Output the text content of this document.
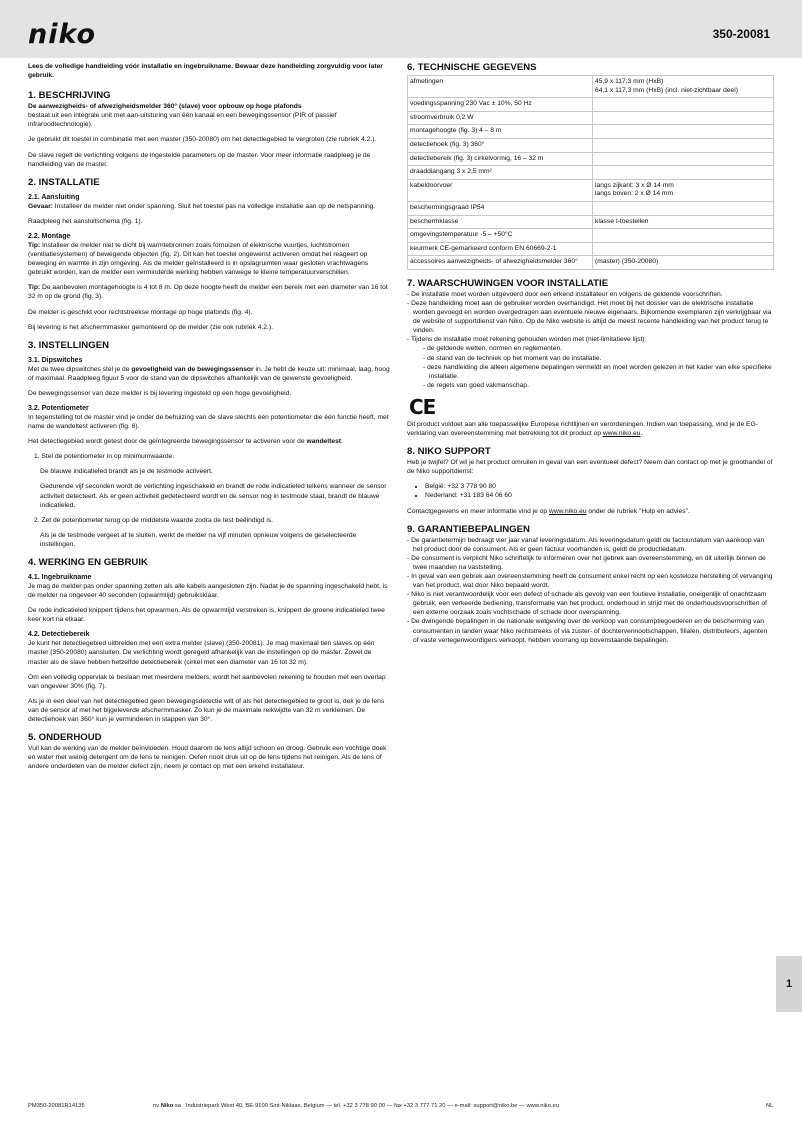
niko	350-20081

Lees de volledige handleiding vóór installatie en ingebruikname. Bewaar deze handleiding zorgvuldig voor later gebruik.

1. BESCHRIJVING

De aanwezigheids- of afwezigheidsmelder 360° (slave) voor opbouw op hoge plafonds
bestaat uit een integrale unit met aan-uitsturing van één kanaal en een bewegingssensor (PIR of passief infraroodtechnologie).

Je gebruikt dit toestel in combinatie met een master (350-20080) om het detectiegebied te vergroten (zie rubriek 4.2.).

De slave regelt de verlichting volgens de ingestelde parameters op de master. Voor meer informatie raadpleeg je de handleiding van de master.

2. INSTALLATIE
2.1. Aansluiting

Gevaar: Installeer de melder niet onder spanning. Sluit het toestel pas na volledige installatie aan op de netspanning.

Raadpleeg het aansluitschema (fig. 1).

2.2. Montage

Tip: Installeer de melder niet te dicht bij warmtebronnen zoals fornuizen of elektrische vuurtjes, luchtstromen (ventilatiesystemen) of bewegende objecten (fig. 2). Dit kan het toestel ongewenst activeren omdat het reageert op beweging en warmte in zijn omgeving. Als de melder geïnstalleerd is in opslagruimten waar gesloten vrachtwagens gebruikt worden, kan de melder een verminderde werking hebben vanwege te kleine temperatuurverschillen.

Tip: De aanbevolen montagehoogte is 4 tot 8 m. Op deze hoogte heeft de melder een bereik met een diameter van 16 tot 32 m op de grond (fig. 3).

De melder is geschikt voor rechtstreekse montage op hoge plafonds (fig. 4).

Bij levering is het afschermmasker gemonteerd op de melder (zie ook rubriek 4.2.).

3. INSTELLINGEN
3.1. Dipswitches

Met de twee dipswitches stel je de gevoeligheid van de bewegingssensor in. Je hebt de keuze uit: minimaal, laag, hoog of maximaal. Raadpleeg figuur 5 voor de stand van de dipswitches afhankelijk van de gewenste gevoeligheid.

De bewegingssensor van deze melder is bij levering ingesteld op een hoge gevoeligheid.

3.2. Potentiometer

In tegenstelling tot de master vind je onder de behuizing van de slave slechts één potentiometer die één functie heeft, met name de wandeltest activeren (fig. 6).

Het detectiegebied wordt getest door de geïntegreerde bewegingssensor te activeren voor de wandeltest:

1. Stel de potentiometer in op minimumwaarde.

De blauwe indicatieled brandt als je de testmode activeert.

Gedurende vijf seconden wordt de verlichting ingeschakeld en brandt de rode indicatieled telkens wanneer de sensor activiteit detecteert. Als er geen activiteit gedetecteerd wordt en de sensor nog in testmode staat, brandt de blauwe indicatieled.

2. Zet de potentiometer terug op de middelste waarde zodra de test beëindigd is.

Als je de testmode vergeet af te sluiten, werkt de melder na vijf minuten opnieuw volgens de geselecteerde instellingen.

4. WERKING EN GEBRUIK
4.1. Ingebruikname

Je mag de melder pas onder spanning zetten als alle kabels aangesloten zijn. Nadat je de spanning ingeschakeld hebt, is de melder na ongeveer 40 seconden (opwarmtijd) gebruiksklaar.

De rode indicatieled knippert tijdens het opwarmen. Als de opwarmtijd verstreken is, knippert de groene indicatieled twee keer kort na elkaar.

4.2. Detectiebereik

Je kunt het detectiegebied uitbreiden met een extra melder (slave) (350-20081). Je mag maximaal tien slaves op één master (350-20080) aansluiten. De verlichting wordt geregeld afhankelijk van de instellingen op de master. Zowel de master als de slave hebben hetzelfde detectiebereik (cirkel met een diameter van 16 tot 32 m).

Om een volledig oppervlak te beslaan met meerdere melders, wordt het aanbevolen rekening te houden met een overlap van ongeveer 30% (fig. 7).

Als je in een deel van het detectiegebied geen bewegingsdetectie wilt of als het detectiegebied te groot is, dek je de lens van de sensor af met het bijgeleverde afschermmasker. Zo kun je de maximale reikwijdte van 32 m verkleinen. De detectiehoek van 360° kun je verminderen in stappen van 30°.

5. ONDERHOUD

Vuil kan de werking van de melder beïnvloeden. Houd daarom de lens altijd schoon en droog. Gebruik een vochtige doek en water met weinig detergent om de lens te reinigen. Oefen nooit druk uit op de lens tijdens het reinigen. Als de lens of andere onderdelen van de melder defect zijn, neem je contact op met een erkend installateur.

6. TECHNISCHE GEGEVENS
afmetingen	45,9 x 117,3 mm (HxB)
64,1 x 117,3 mm (HxB) (incl. niet-zichtbaar deel)

voedingsspanning 230 Vac ± 10%, 50 Hz	

stroomverbruik 0,2 W	

montagehoogte (fig. 3) 4 – 8 m	

detectiehoek (fig. 3) 360°	

detectiebereik (fig. 3) cirkelvormig, 16 – 32 m	

draaddiangang 3 x 2,5 mm²	

kabeldoorvoer	langs zijkant: 3 x Ø 14 mm
langs boven: 2 x Ø 14 mm

beschermingsgraad IP54	

beschermklasse	klasse I-toestellen

omgevingstemperatuur -5 – +50°C	

keurmerk CE-gemarkeerd conform EN 60669-2-1	

accessoires aanwezigheids- of afwezigheidsmelder 360°	(master) (350-20080)
7. WAARSCHUWINGEN VOOR INSTALLATIE
- De installatie moet worden uitgevoerd door een erkend installateur en volgens de geldende voorschriften.
- Deze handleiding moet aan de gebruiker worden overhandigd. Het moet bij het dossier van de elektrische installatie worden gevoegd en worden overgedragen aan eventuele nieuwe eigenaars. Bijkomende exemplaren zijn verkrijgbaar via de website of supportdienst van Niko. Op de Niko website is altijd de meest recente handleiding van het product terug te vinden.
- Tijdens de installatie moet rekening gehouden worden met (niet-limitatieve lijst):
- de geldende wetten, normen en reglementen.
- de stand van de techniek op het moment van de installatie.
- deze handleiding die alleen algemene bepalingen vermeldt en moet worden gelezen in het kader van elke specifieke installatie.
- de regels van goed vakmanschap.
CE

Dit product voldoet aan alle toepasselijke Europese richtlijnen en verordeningen. Indien van toepassing, vind je de EG-verklaring van overeenstemming met betrekking tot dit product op www.niko.eu.

8. NIKO SUPPORT

Heb je twijfel? Of wil je het product omruilen in geval van een eventueel defect? Neem dan contact op met je groothandel of de Niko supportdienst:

• België: +32 3 778 90 80
• Nederland: +31 183 64 06 60

Contactgegevens en meer informatie vind je op www.niko.eu onder de rubriek "Hulp en advies".

9. GARANTIEBEPALINGEN
- De garantietermijn bedraagt vier jaar vanaf leveringsdatum. Als leveringsdatum geldt de factuurdatum van aankoop van het product door de consument. Als er geen factuur voorhanden is, geldt de productiedatum.
- De consument is verplicht Niko schriftelijk te informeren over het gebrek aan overeenstemming, en dit uiterlijk binnen de twee maanden na vaststelling.
- In geval van een gebrek aan overeenstemming heeft de consument enkel recht op een kosteloze herstelling of vervanging van het product, wat door Niko bepaald wordt.
- Niko is niet verantwoordelijk voor een defect of schade als gevolg van een foutieve installatie, oneigenlijk of onachtzaam gebruik, een verkeerde bediening, transformatie van het product, onderhoud in strijd met de onderhoudsvoorschriften of een externe oorzaak zoals vochtschade of schade door overspanning.
- De dwingende bepalingen in de nationale wetgeving over de verkoop van consumptiegoederen en de bescherming van consumenten in landen waar Niko rechtstreeks of via zuster- of dochtervennootschappen, filialen, distributeurs, agenten of vaste vertegenwoordigers verkoopt, hebben voorrang op bovenstaande bepalingen.
1
PM350-20081R14135	nv Niko sa Industriepark West 40, BE-9100 Sint-Niklaas, Belgium — tel. +32 3 778 90 00 — fax +32 3 777 71 20 — e-mail: support@niko.be — www.niko.eu	NL
